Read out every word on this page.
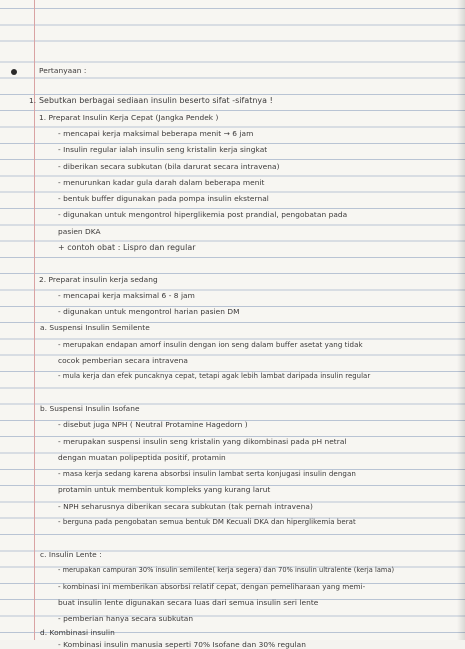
Pertanyaan :
1. Sebutkan berbagai sediaan insulin beserto sifat -sifatnya !
1. Preparat Insulin Kerja Cepat (Jangka Pendek )
- mencapai kerja maksimal beberapa menit → 6 jam
- Insulin regular ialah insulin seng kristalin kerja singkat
- diberikan secara subkutan (bila darurat secara intravena)
- menurunkan kadar gula darah dalam beberapa menit
- bentuk buffer digunakan pada pompa insulin eksternal
- digunakan untuk mengontrol hiperglikemia post prandial, pengobatan pada
pasien DKA
+ contoh obat : Lispro dan regular
2. Preparat insulin kerja sedang
- mencapai kerja maksimal 6 - 8 jam
- digunakan untuk mengontrol harian pasien DM
a. Suspensi Insulin Semilente
- merupakan endapan amorf insulin dengan ion seng dalam buffer asetat yang tidak
cocok pemberian secara intravena
- mula kerja dan efek puncaknya cepat, tetapi agak lebih lambat daripada insulin regular
b. Suspensi Insulin Isofane
- disebut juga NPH ( Neutral Protamine Hagedorn )
- merupakan suspensi insulin seng kristalin yang dikombinasi pada pH netral
dengan muatan polipeptida positif, protamin
- masa kerja sedang karena absorbsi insulin lambat serta konjugasi insulin dengan
protamin untuk membentuk kompleks yang kurang larut
- NPH seharusnya diberikan secara subkutan (tak pernah intravena)
- berguna pada pengobatan semua bentuk DM Kecuali DKA dan hiperglikemia berat
c. Insulin Lente :
- merupakan campuran 30% insulin semilente( kerja segera) dan 70% insulin ultralente (kerja lama)
- kombinasi ini memberikan absorbsi relatif cepat, dengan pemeliharaan yang memi-
buat insulin lente digunakan secara luas dari semua insulin seri lente
- pemberian hanya secara subkutan
d. Kombinasi insulin
- Kombinasi insulin manusia seperti 70% Isofane dan 30% regulan
